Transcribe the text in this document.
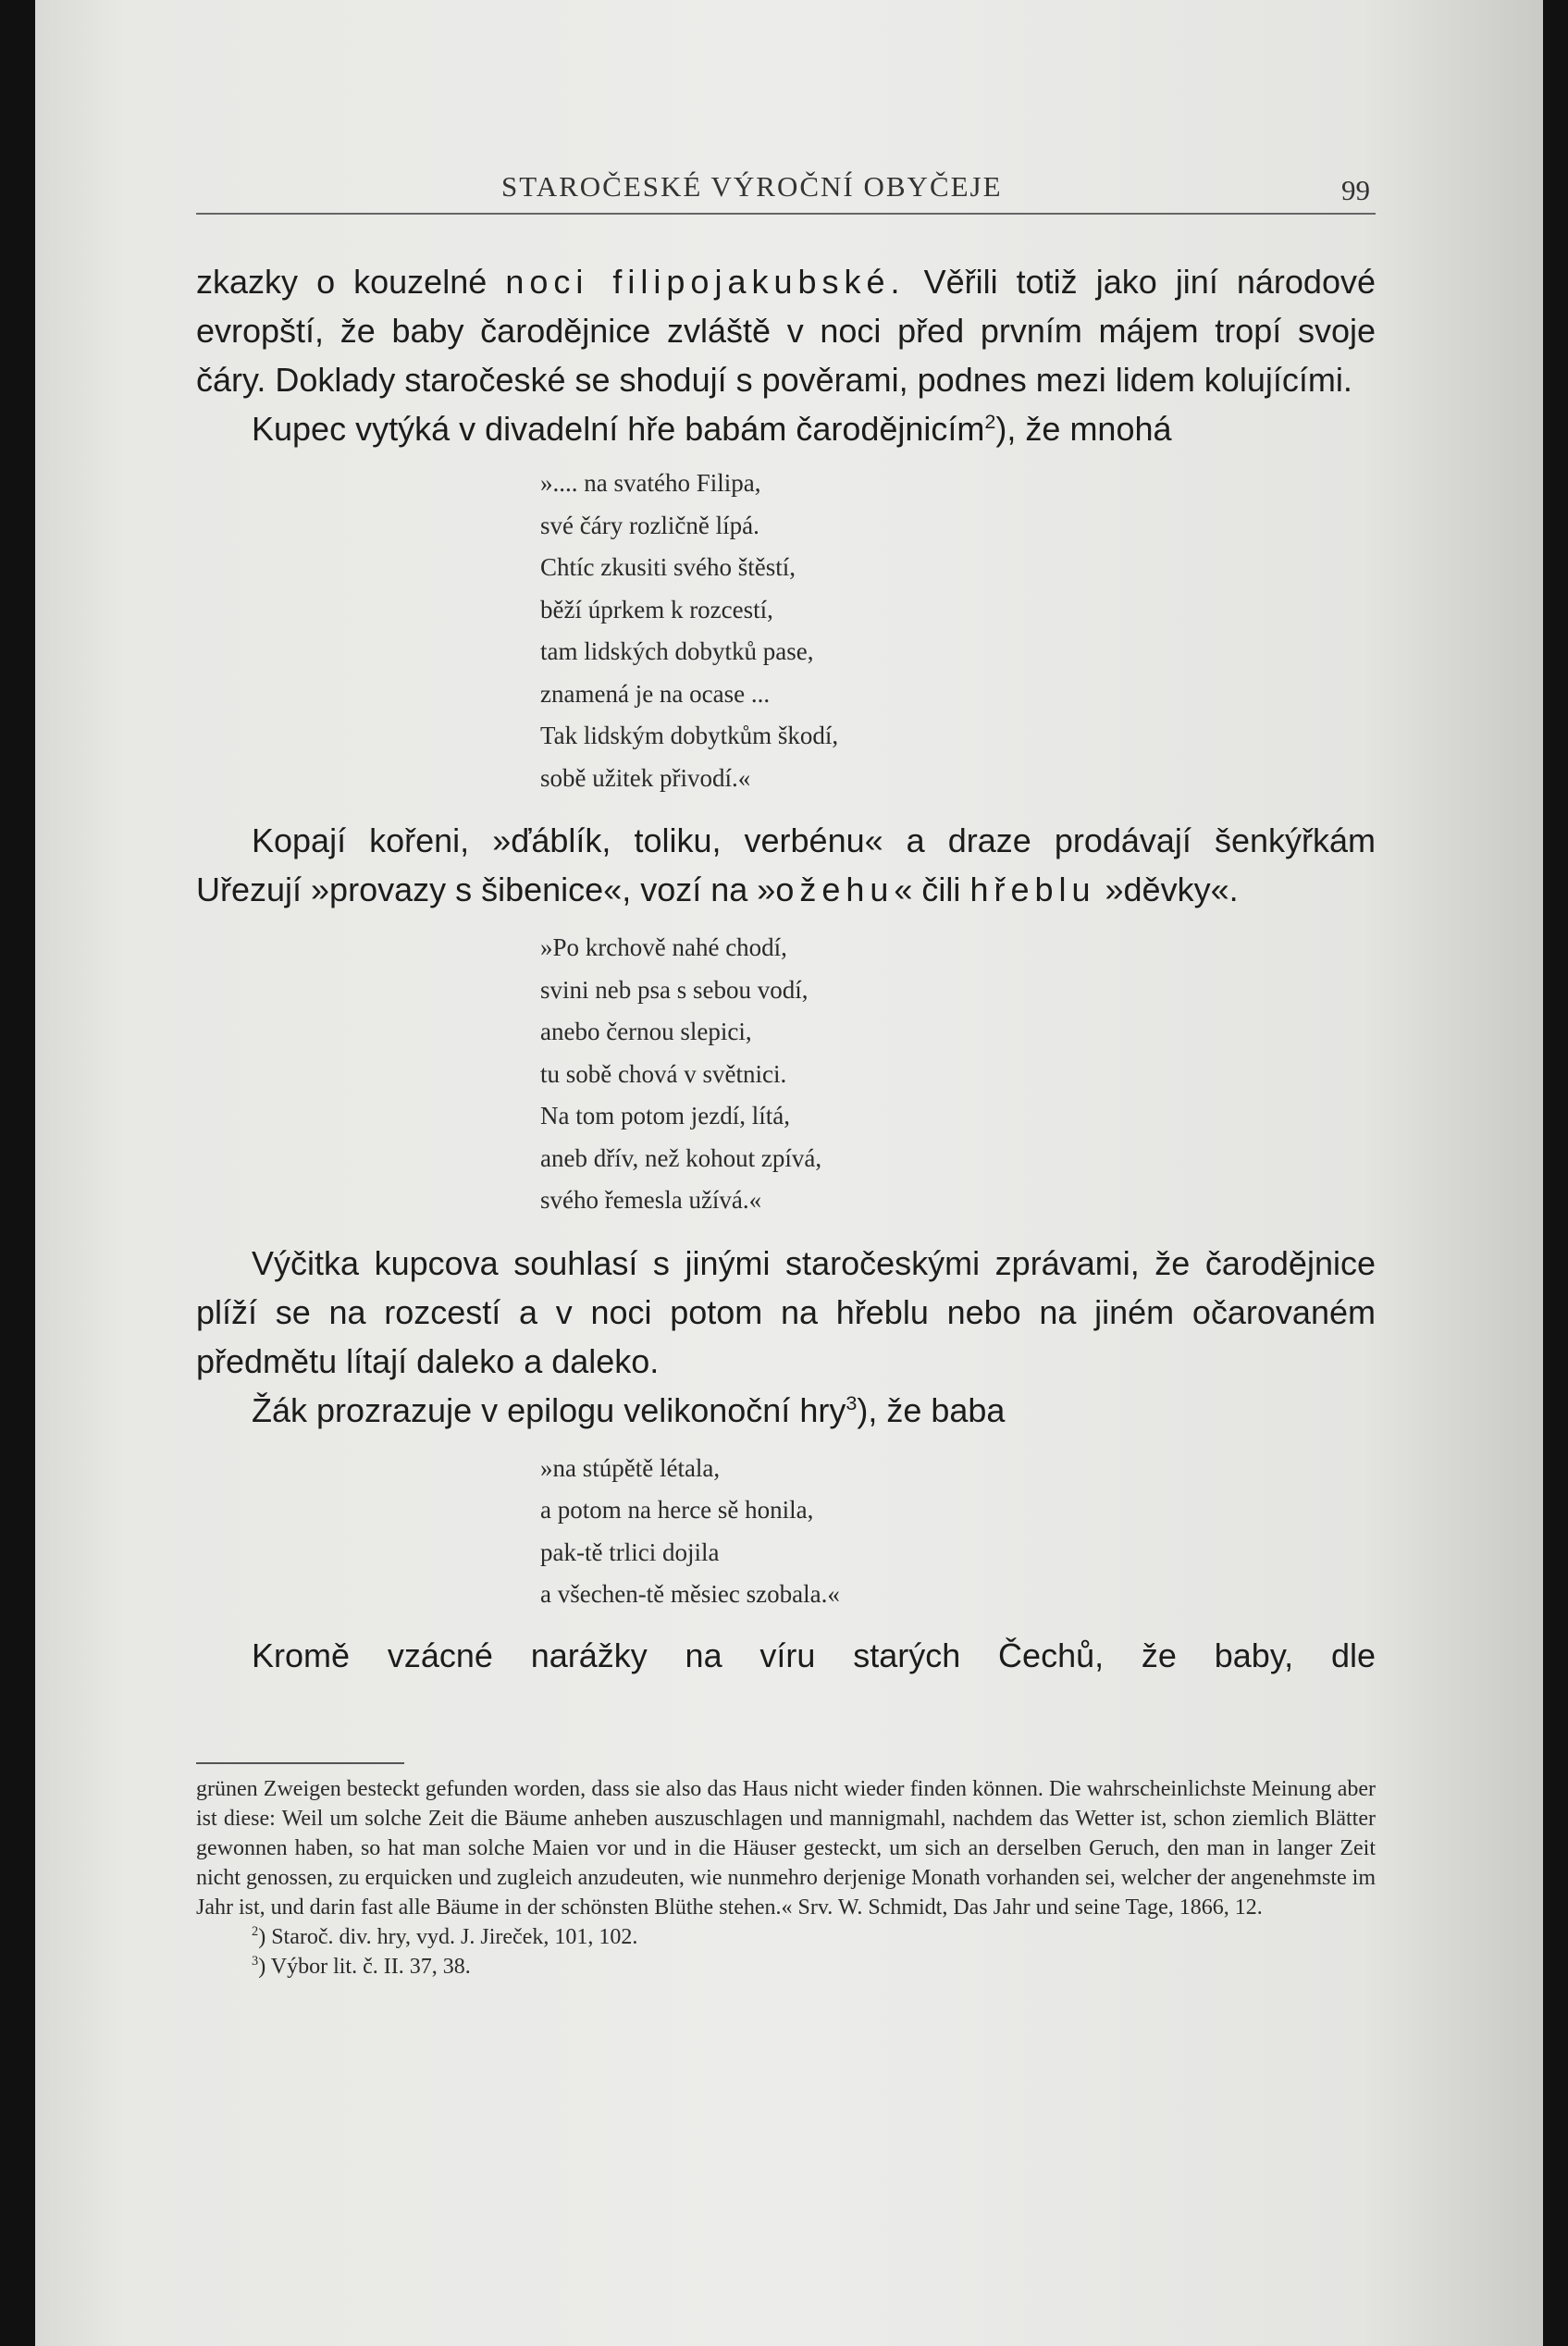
STAROČESKÉ VÝROČNÍ OBYČEJE	99

zkazky o kouzelné noci filipojakubské. Věřili totiž jako jiní národové evropští, že baby čarodějnice zvláště v noci před prvním májem tropí svoje čáry. Doklady staročeské se shodují s pověrami, podnes mezi lidem kolujícími.

Kupec vytýká v divadelní hře babám čarodějnicím$^2$), že mnohá

».... na svatého Filipa,
své čáry rozličně lípá.
Chtíc zkusiti svého štěstí,
běží úprkem k rozcestí,
tam lidských dobytků pase,
znamená je na ocase ...
Tak lidským dobytkům škodí,
sobě užitek přivodí.«

Kopají kořeni, »ďáblík, toliku, verbénu« a draze prodávají šenkýřkám Uřezují »provazy s šibenice«, vozí na »ožehu« čili hřeblu »děvky«.

»Po krchově nahé chodí,
svini neb psa s sebou vodí,
anebo černou slepici,
tu sobě chová v světnici.
Na tom potom jezdí, lítá,
aneb dřív, než kohout zpívá,
svého řemesla užívá.«

Výčitka kupcova souhlasí s jinými staročeskými zprávami, že čarodějnice plíží se na rozcestí a v noci potom na hřeblu nebo na jiném očarovaném předmětu lítají daleko a daleko.

Žák prozrazuje v epilogu velikonoční hry$^3$), že baba

»na stúpětě létala,
a potom na herce sě honila,
pak-tě trlici dojila
a všechen-tě měsiec szobala.«

Kromě vzácné narážky na víru starých Čechů, že baby, dle

grünen Zweigen besteckt gefunden worden, dass sie also das Haus nicht wieder finden können. Die wahrscheinlichste Meinung aber ist diese: Weil um solche Zeit die Bäume anheben auszuschlagen und mannigmahl, nachdem das Wetter ist, schon ziemlich Blätter gewonnen haben, so hat man solche Maien vor und in die Häuser gesteckt, um sich an derselben Geruch, den man in langer Zeit nicht genossen, zu erquicken und zugleich anzudeuten, wie nunmehro derjenige Monath vorhanden sei, welcher der angenehmste im Jahr ist, und darin fast alle Bäume in der schönsten Blüthe stehen.« Srv. W. Schmidt, Das Jahr und seine Tage, 1866, 12.

$^2$) Staroč. div. hry, vyd. J. Jireček, 101, 102.
$^3$) Výbor lit. č. II. 37, 38.
